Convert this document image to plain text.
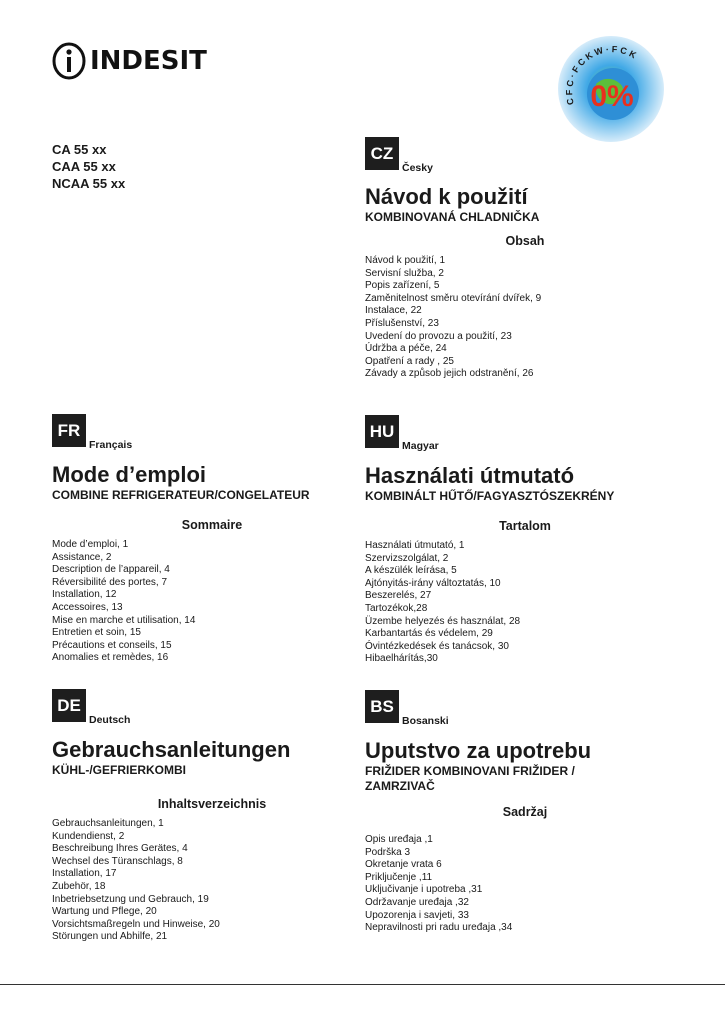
INDESIT
C F C · F C K W · F C K
0%
CA 55 xx
CAA 55 xx
NCAA 55 xx
CZ
Česky
Návod k použití
KOMBINOVANÁ CHLADNIČKA
Obsah
Návod k použití, 1
Servisní služba, 2
Popis zařízení, 5
Zaměnitelnost směru otevírání dvířek, 9
Instalace, 22
Příslušenství, 23
Uvedení do provozu a použití, 23
Údržba a péče, 24
Opatření a rady , 25
Závady a způsob jejich odstranění, 26
FR
Français
Mode d’emploi
COMBINE REFRIGERATEUR/CONGELATEUR
Sommaire
Mode d’emploi, 1
Assistance, 2
Description de l’appareil, 4
Réversibilité des portes, 7
Installation, 12
Accessoires, 13
Mise en marche et utilisation, 14
Entretien et soin, 15
Précautions et conseils, 15
Anomalies et remèdes, 16
HU
Magyar
Használati útmutató
KOMBINÁLT HŰTŐ/FAGYASZTÓSZEKRÉNY
Tartalom
Használati útmutató, 1
Szervizszolgálat, 2
A készülék leírása, 5
Ajtónyitás-irány változtatás, 10
Beszerelés, 27
Tartozékok,28
Üzembe helyezés és használat, 28
Karbantartás és védelem, 29
Óvintézkedések és tanácsok, 30
Hibaelhárítás,30
DE
Deutsch
Gebrauchsanleitungen
KÜHL-/GEFRIERKOMBI
Inhaltsverzeichnis
Gebrauchsanleitungen, 1
Kundendienst, 2
Beschreibung Ihres Gerätes, 4
Wechsel des Türanschlags, 8
Installation, 17
Zubehör, 18
Inbetriebsetzung und Gebrauch, 19
Wartung und Pflege, 20
Vorsichtsmaßregeln und Hinweise, 20
Störungen und Abhilfe, 21
BS
Bosanski
Uputstvo za upotrebu
FRIŽIDER KOMBINOVANI FRIŽIDER / ZAMRZIVAČ
Sadržaj
Opis uređaja ,1
Podrška 3
Okretanje vrata 6
Priključenje ,11
Uključivanje i upotreba ,31
Održavanje uređaja ,32
Upozorenja i savjeti, 33
Nepravilnosti pri radu uređaja ,34
